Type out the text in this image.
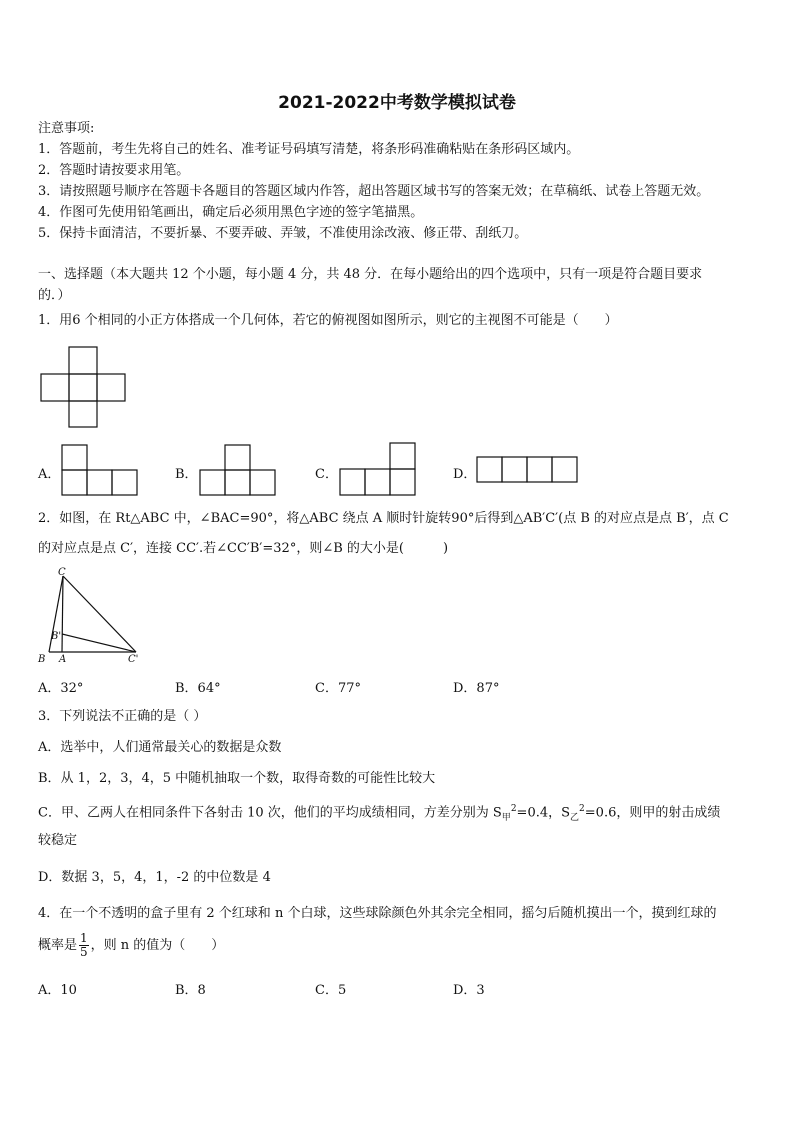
2021-2022中考数学模拟试卷
注意事项:
1．答题前，考生先将自己的姓名、准考证号码填写清楚，将条形码准确粘贴在条形码区域内。
2．答题时请按要求用笔。
3．请按照题号顺序在答题卡各题目的答题区域内作答，超出答题区域书写的答案无效；在草稿纸、试卷上答题无效。
4．作图可先使用铅笔画出，确定后必须用黑色字迹的签字笔描黑。
5．保持卡面清洁，不要折暴、不要弄破、弄皱，不准使用涂改液、修正带、刮纸刀。
一、选择题（本大题共 12 个小题，每小题 4 分，共 48 分．在每小题给出的四个选项中，只有一项是符合题目要求
的．）
1．用6 个相同的小正方体搭成一个几何体，若它的俯视图如图所示，则它的主视图不可能是（　　）
A．	B．	C．	D．
2．如图，在 Rt△ABC 中，∠BAC=90°，将△ABC 绕点 A 顺时针旋转90°后得到△AB′C′(点 B 的对应点是点 B′，点 C
的对应点是点 C′，连接 CC′.若∠CC′B′=32°，则∠B 的大小是(　　　)
C
B'
B A	C'
A．32°	B．64°	C．77°	D．87°
3．下列说法不正确的是（ ）
A．选举中，人们通常最关心的数据是众数
B．从 1，2，3，4，5 中随机抽取一个数，取得奇数的可能性比较大
C．甲、乙两人在相同条件下各射击 10 次，他们的平均成绩相同，方差分别为 $S_甲^2=0.4$，$S_乙^2=0.6$，则甲的射击成绩
较稳定
D．数据 3，5，4，1，-2 的中位数是 4
4．在一个不透明的盒子里有 2 个红球和 n 个白球，这些球除颜色外其余完全相同，摇匀后随机摸出一个，摸到红球的
概率是 $\frac{1}{5}$ ，则 n 的值为（　　）
A．10	B．8	C．5	D．3
